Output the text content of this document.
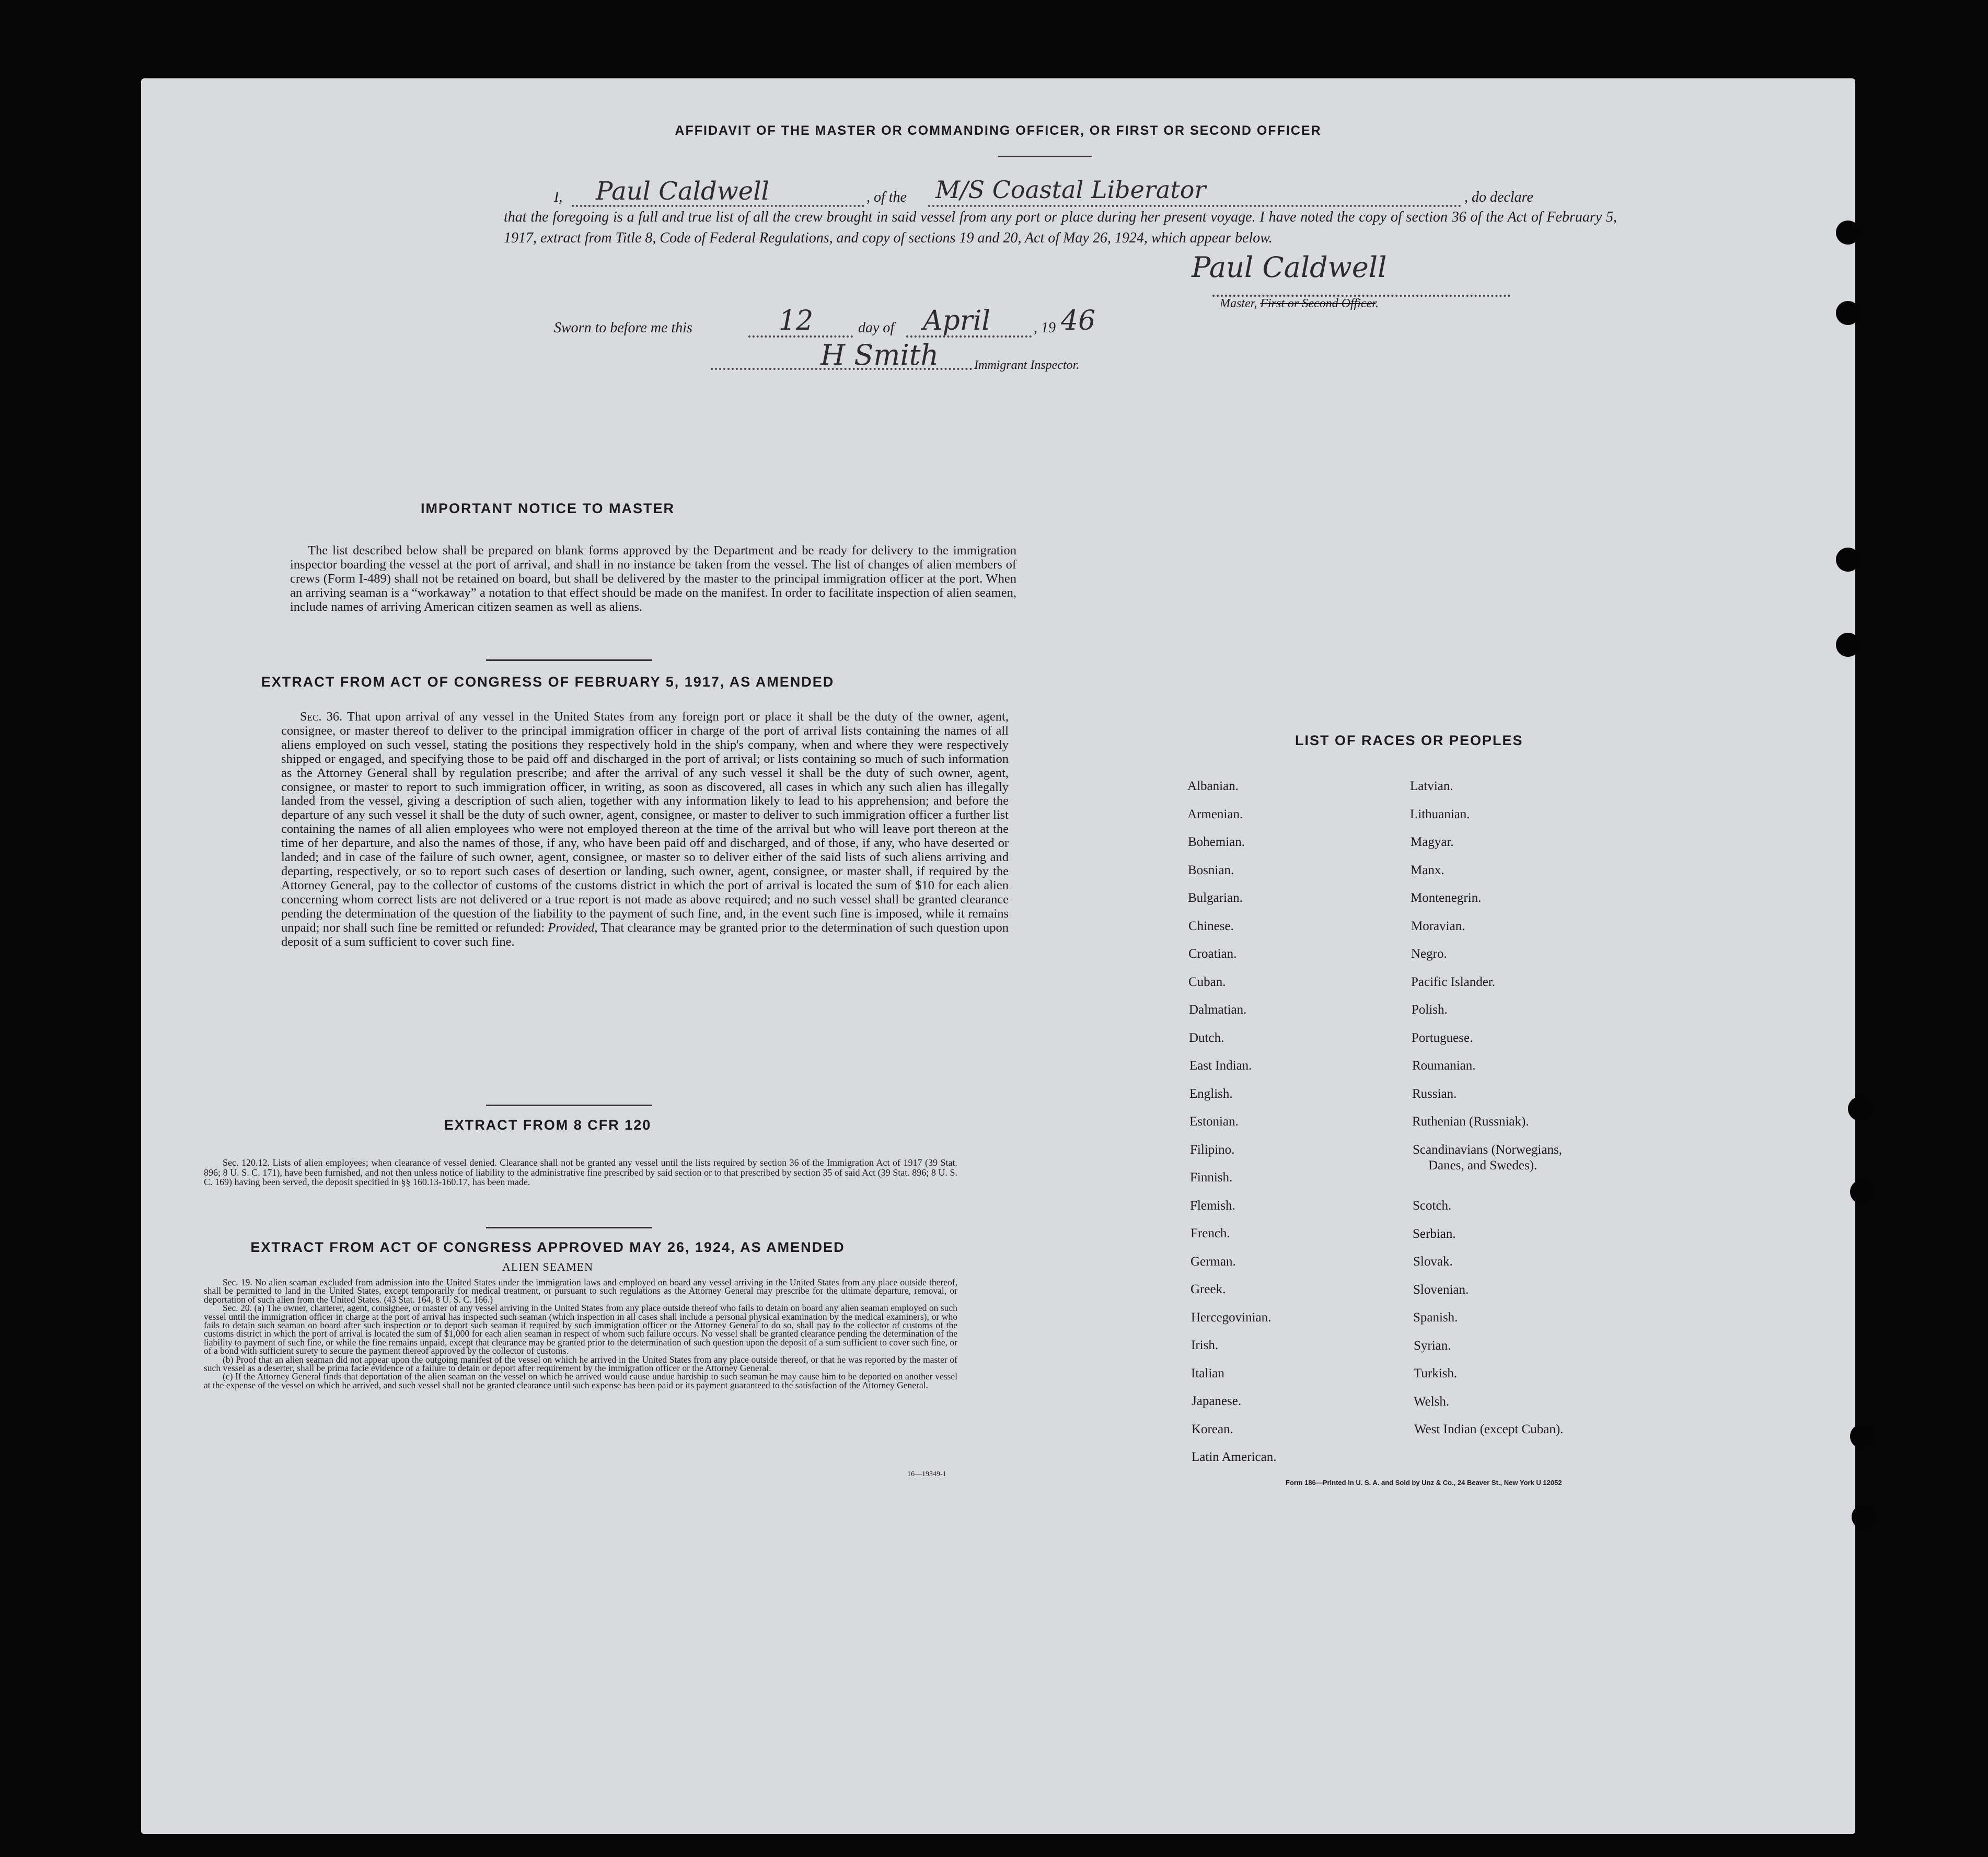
AFFIDAVIT OF THE MASTER OR COMMANDING OFFICER, OR FIRST OR SECOND OFFICER
I, Paul Caldwell	, of the M/S Coastal Liberator	, do declare
that the foregoing is a full and true list of all the crew brought in said vessel from any port or place during her present voyage. I have noted the copy of section 36 of the Act of February 5, 1917, extract from Title 8, Code of Federal Regulations, and copy of sections 19 and 20, Act of May 26, 1924, which appear below.
Paul Caldwell
Master, First or Second Officer.
Sworn to before me this	12	day of April	, 19 46
H Smith	Immigrant Inspector.
IMPORTANT NOTICE TO MASTER
The list described below shall be prepared on blank forms approved by the Department and be ready for delivery to the immigration inspector boarding the vessel at the port of arrival, and shall in no instance be taken from the vessel. The list of changes of alien members of crews (Form I-489) shall not be retained on board, but shall be delivered by the master to the principal immigration officer at the port. When an arriving seaman is a “workaway” a notation to that effect should be made on the manifest. In order to facilitate inspection of alien seamen, include names of arriving American citizen seamen as well as aliens.
EXTRACT FROM ACT OF CONGRESS OF FEBRUARY 5, 1917, AS AMENDED
Sec. 36. That upon arrival of any vessel in the United States from any foreign port or place it shall be the duty of the owner, agent, consignee, or master thereof to deliver to the principal immigration officer in charge of the port of arrival lists containing the names of all aliens employed on such vessel, stating the positions they respectively hold in the ship's company, when and where they were respectively shipped or engaged, and specifying those to be paid off and discharged in the port of arrival; or lists containing so much of such information as the Attorney General shall by regulation prescribe; and after the arrival of any such vessel it shall be the duty of such owner, agent, consignee, or master to report to such immigration officer, in writing, as soon as discovered, all cases in which any such alien has illegally landed from the vessel, giving a description of such alien, together with any information likely to lead to his apprehension; and before the departure of any such vessel it shall be the duty of such owner, agent, consignee, or master to deliver to such immigration officer a further list containing the names of all alien employees who were not employed thereon at the time of the arrival but who will leave port thereon at the time of her departure, and also the names of those, if any, who have been paid off and discharged, and of those, if any, who have deserted or landed; and in case of the failure of such owner, agent, consignee, or master so to deliver either of the said lists of such aliens arriving and departing, respectively, or so to report such cases of desertion or landing, such owner, agent, consignee, or master shall, if required by the Attorney General, pay to the collector of customs of the customs district in which the port of arrival is located the sum of $10 for each alien concerning whom correct lists are not delivered or a true report is not made as above required; and no such vessel shall be granted clearance pending the determination of the question of the liability to the payment of such fine, and, in the event such fine is imposed, while it remains unpaid; nor shall such fine be remitted or refunded: Provided, That clearance may be granted prior to the determination of such question upon deposit of a sum sufficient to cover such fine.
EXTRACT FROM 8 CFR 120
Sec. 120.12. Lists of alien employees; when clearance of vessel denied. Clearance shall not be granted any vessel until the lists required by section 36 of the Immigration Act of 1917 (39 Stat. 896; 8 U. S. C. 171), have been furnished, and not then unless notice of liability to the administrative fine prescribed by said section or to that prescribed by section 35 of said Act (39 Stat. 896; 8 U. S. C. 169) having been served, the deposit specified in §§ 160.13-160.17, has been made.
EXTRACT FROM ACT OF CONGRESS APPROVED MAY 26, 1924, AS AMENDED
ALIEN SEAMEN
Sec. 19. No alien seaman excluded from admission into the United States under the immigration laws and employed on board any vessel arriving in the United States from any place outside thereof, shall be permitted to land in the United States, except temporarily for medical treatment, or pursuant to such regulations as the Attorney General may prescribe for the ultimate departure, removal, or deportation of such alien from the United States. (43 Stat. 164, 8 U. S. C. 166.)
Sec. 20. (a) The owner, charterer, agent, consignee, or master of any vessel arriving in the United States from any place outside thereof who fails to detain on board any alien seaman employed on such vessel until the immigration officer in charge at the port of arrival has inspected such seaman (which inspection in all cases shall include a personal physical examination by the medical examiners), or who fails to detain such seaman on board after such inspection or to deport such seaman if required by such immigration officer or the Attorney General to do so, shall pay to the collector of customs of the customs district in which the port of arrival is located the sum of $1,000 for each alien seaman in respect of whom such failure occurs. No vessel shall be granted clearance pending the determination of the liability to payment of such fine, or while the fine remains unpaid, except that clearance may be granted prior to the determination of such question upon the deposit of a sum sufficient to cover such fine, or of a bond with sufficient surety to secure the payment thereof approved by the collector of customs.
(b) Proof that an alien seaman did not appear upon the outgoing manifest of the vessel on which he arrived in the United States from any place outside thereof, or that he was reported by the master of such vessel as a deserter, shall be prima facie evidence of a failure to detain or deport after requirement by the immigration officer or the Attorney General.
(c) If the Attorney General finds that deportation of the alien seaman on the vessel on which he arrived would cause undue hardship to such seaman he may cause him to be deported on another vessel at the expense of the vessel on which he arrived, and such vessel shall not be granted clearance until such expense has been paid or its payment guaranteed to the satisfaction of the Attorney General.
16—19349-1
LIST OF RACES OR PEOPLES
Form 186—Printed in U. S. A. and Sold by Unz & Co., 24 Beaver St., New York U 12052
Albanian.
Armenian.
Bohemian.
Bosnian.
Bulgarian.
Chinese.
Croatian.
Cuban.
Dalmatian.
Dutch.
East Indian.
English.
Estonian.
Filipino.
Finnish.
Flemish.
French.
German.
Greek.
Hercegovinian.
Irish.
Italian
Japanese.
Korean.
Latin American.
Latvian.
Lithuanian.
Magyar.
Manx.
Montenegrin.
Moravian.
Negro.
Pacific Islander.
Polish.
Portuguese.
Roumanian.
Russian.
Ruthenian (Russniak).
Scandinavians (Norwegians,
Danes, and Swedes).
Scotch.
Serbian.
Slovak.
Slovenian.
Spanish.
Syrian.
Turkish.
Welsh.
West Indian (except Cuban).
